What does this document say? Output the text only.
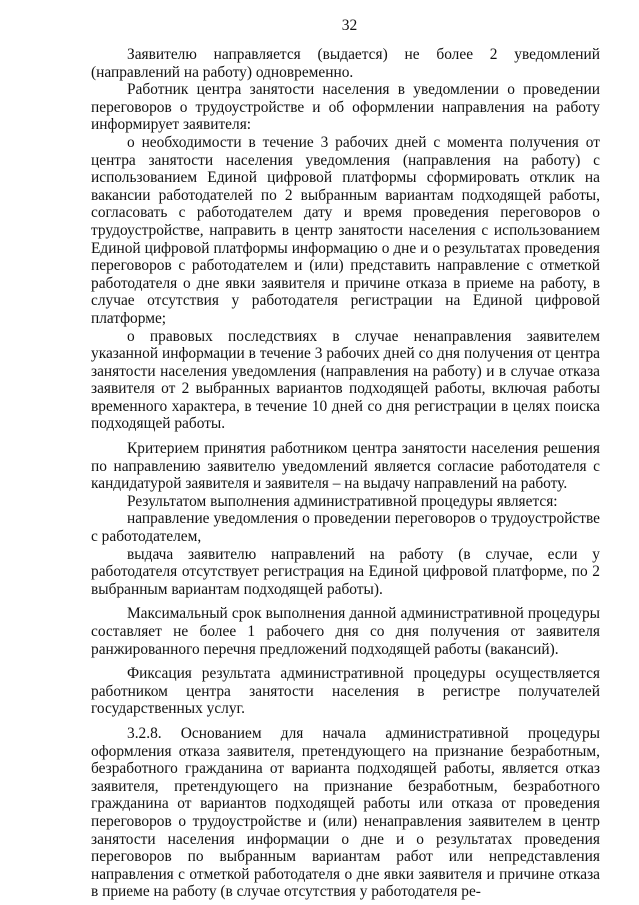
32

Заявителю направляется (выдается) не более 2 уведомлений (направлений на работу) одновременно.

Работник центра занятости населения в уведомлении о проведении переговоров о трудоустройстве и об оформлении направления на работу информирует заявителя:

о необходимости в течение 3 рабочих дней с момента получения от центра занятости населения уведомления (направления на работу) с использованием Единой цифровой платформы сформировать отклик на вакансии работодателей по 2 выбранным вариантам подходящей работы, согласовать с работодателем дату и время проведения переговоров о трудоустройстве, направить в центр занятости населения с использованием Единой цифровой платформы информацию о дне и о результатах проведения переговоров с работодателем и (или) представить направление с отметкой работодателя о дне явки заявителя и причине отказа в приеме на работу, в случае отсутствия у работодателя регистрации на Единой цифровой платформе;

о правовых последствиях в случае ненаправления заявителем указанной информации в течение 3 рабочих дней со дня получения от центра занятости населения уведомления (направления на работу) и в случае отказа заявителя от 2 выбранных вариантов подходящей работы, включая работы временного характера, в течение 10 дней со дня регистрации в целях поиска подходящей работы.

Критерием принятия работником центра занятости населения решения по направлению заявителю уведомлений является согласие работодателя с кандидатурой заявителя и заявителя – на выдачу направлений на работу.

Результатом выполнения административной процедуры является:

направление уведомления о проведении переговоров о трудоустройстве с работодателем,

выдача заявителю направлений на работу (в случае, если у работодателя отсутствует регистрация на Единой цифровой платформе, по 2 выбранным вариантам подходящей работы).

Максимальный срок выполнения данной административной процедуры составляет не более 1 рабочего дня со дня получения от заявителя ранжированного перечня предложений подходящей работы (вакансий).

Фиксация результата административной процедуры осуществляется работником центра занятости населения в регистре получателей государственных услуг.

3.2.8. Основанием для начала административной процедуры оформления отказа заявителя, претендующего на признание безработным, безработного гражданина от варианта подходящей работы, является отказ заявителя, претендующего на признание безработным, безработного гражданина от вариантов подходящей работы или отказа от проведения переговоров о трудоустройстве и (или) ненаправления заявителем в центр занятости населения информации о дне и о результатах проведения переговоров по выбранным вариантам работ или непредставления направления с отметкой работодателя о дне явки заявителя и причине отказа в приеме на работу (в случае отсутствия у работодателя ре-
